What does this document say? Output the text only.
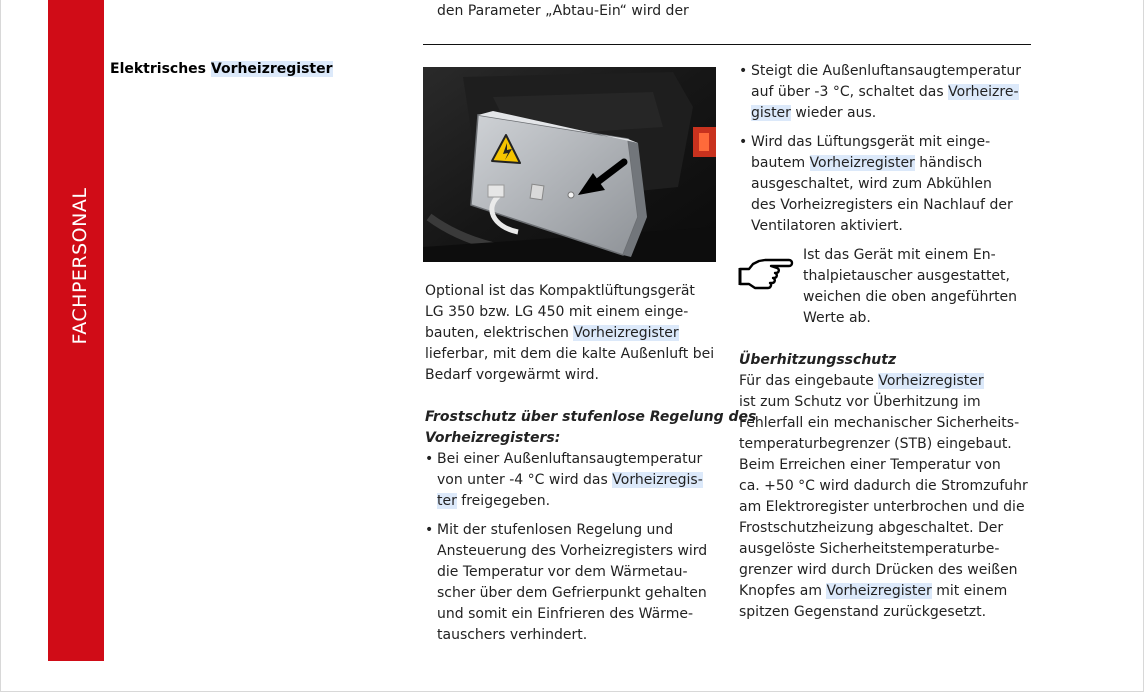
FACHPERSONAL
Elektrisches Vorheizregister
den Parameter „Abtau-Ein“ wird der

Optional ist das Kompaktlüftungsgerät
LG 350 bzw. LG 450 mit einem einge-
bauten, elektrischen Vorheizregister
lieferbar, mit dem die kalte Außenluft bei
Bedarf vorgewärmt wird.

Frostschutz über stufenlose Regelung des
Vorheizregisters:

• Bei einer Außenluftansaugtemperatur
von unter -4 °C wird das Vorheizregis-
ter freigegeben.
• Mit der stufenlosen Regelung und
Ansteuerung des Vorheizregisters wird
die Temperatur vor dem Wärmetau-
scher über dem Gefrierpunkt gehalten
und somit ein Einfrieren des Wärme-
tauschers verhindert.
• Steigt die Außenluftansaugtemperatur
auf über -3 °C, schaltet das Vorheizre-
gister wieder aus.
• Wird das Lüftungsgerät mit einge-
bautem Vorheizregister händisch
ausgeschaltet, wird zum Abkühlen
des Vorheizregisters ein Nachlauf der
Ventilatoren aktiviert.
Ist das Gerät mit einem En-
thalpietauscher ausgestattet,
weichen die oben angeführten
Werte ab.

Überhitzungsschutz

Für das eingebaute Vorheizregister
ist zum Schutz vor Überhitzung im
Fehlerfall ein mechanischer Sicherheits-
temperaturbegrenzer (STB) eingebaut.
Beim Erreichen einer Temperatur von
ca. +50 °C wird dadurch die Stromzufuhr
am Elektroregister unterbrochen und die
Frostschutzheizung abgeschaltet. Der
ausgelöste Sicherheitstemperaturbe-
grenzer wird durch Drücken des weißen
Knopfes am Vorheizregister mit einem
spitzen Gegenstand zurückgesetzt.
